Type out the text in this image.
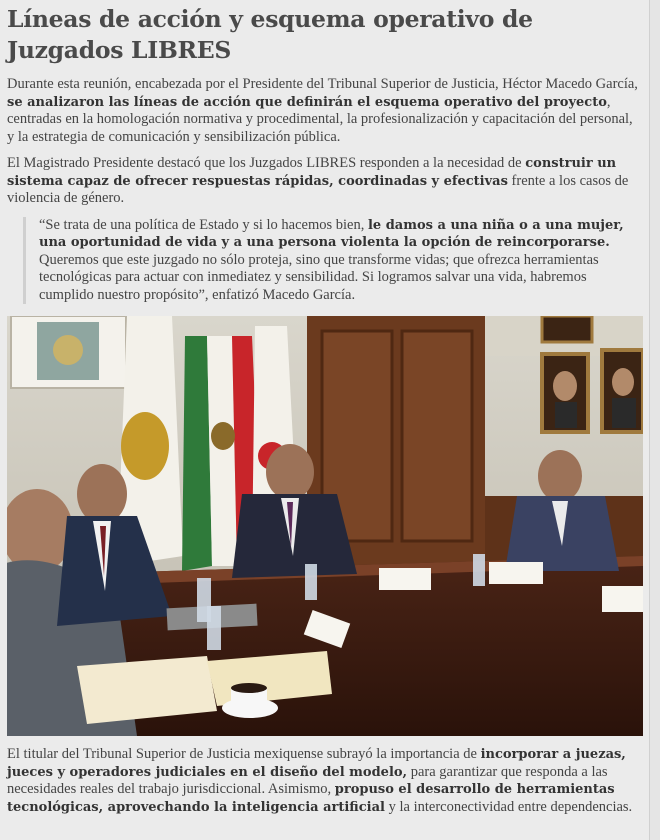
Líneas de acción y esquema operativo de Juzgados LIBRES

Durante esta reunión, encabezada por el Presidente del Tribunal Superior de Justicia, Héctor Macedo García, se analizaron las líneas de acción que definirán el esquema operativo del proyecto, centradas en la homologación normativa y procedimental, la profesionalización y capacitación del personal, y la estrategia de comunicación y sensibilización pública.

El Magistrado Presidente destacó que los Juzgados LIBRES responden a la necesidad de construir un sistema capaz de ofrecer respuestas rápidas, coordinadas y efectivas frente a los casos de violencia de género.

“Se trata de una política de Estado y si lo hacemos bien, le damos a una niña o a una mujer, una oportunidad de vida y a una persona violenta la opción de reincorporarse. Queremos que este juzgado no sólo proteja, sino que transforme vidas; que ofrezca herramientas tecnológicas para actuar con inmediatez y sensibilidad. Si logramos salvar una vida, habremos cumplido nuestro propósito”, enfatizó Macedo García.

El titular del Tribunal Superior de Justicia mexiquense subrayó la importancia de incorporar a juezas, jueces y operadores judiciales en el diseño del modelo, para garantizar que responda a las necesidades reales del trabajo jurisdiccional. Asimismo, propuso el desarrollo de herramientas tecnológicas, aprovechando la inteligencia artificial y la interconectividad entre dependencias.
